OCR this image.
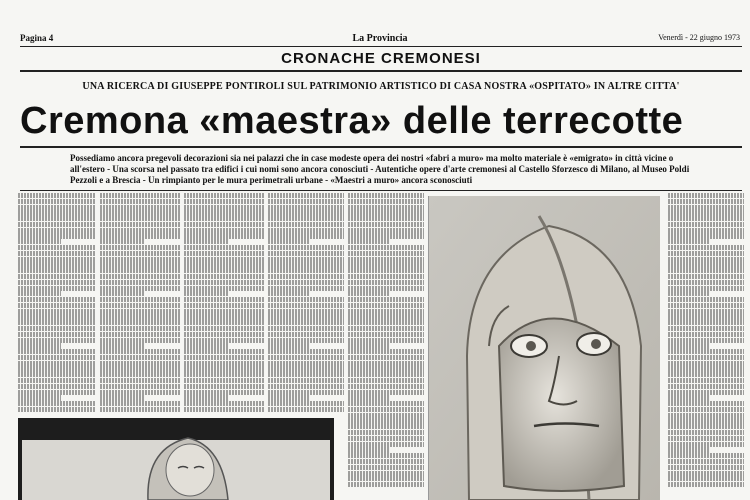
Pagina 4	La Provincia	Venerdì - 22 giugno 1973
CRONACHE CREMONESI
UNA RICERCA DI GIUSEPPE PONTIROLI SUL PATRIMONIO ARTISTICO DI CASA NOSTRA «OSPITATO» IN ALTRE CITTA'
Cremona «maestra» delle terrecotte
Possediamo ancora pregevoli decorazioni sia nei palazzi che in case modeste opera dei nostri «fabri a muro» ma molto materiale è «emigrato» in città vicine o all'estero - Una scorsa nel passato tra edifici i cui nomi sono ancora conosciuti - Autentiche opere d'arte cremonesi al Castello Sforzesco di Milano, al Museo Poldi Pezzoli e a Brescia - Un rimpianto per le mura perimetrali urbane - «Maestri a muro» ancora sconosciuti
